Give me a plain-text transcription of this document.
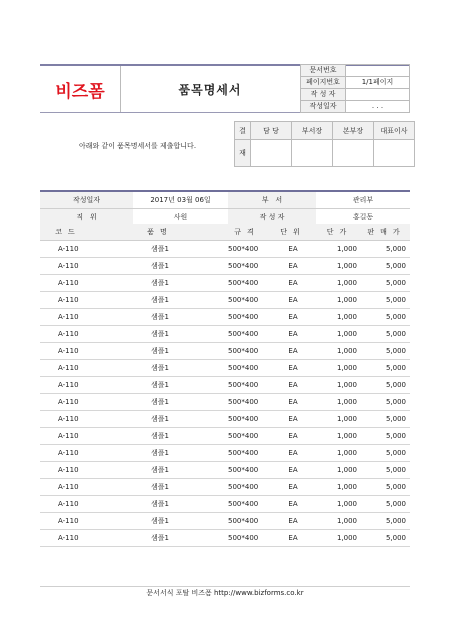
비즈폼	품목명세서
문서번호	
페이지번호	1/1페이지
작 성 자	
작성일자	. . .
아래와 같이 품목명세서를 제출합니다.
결	담 당	부서장	본부장	대표이사
재				
작성일자	2017년 03월 06일	부   서	관리부
직   위	사원	작 성 자	홍길동
코드	품명	규격	단위	단가	판매가
A-110	샘플1	500*400	EA	1,000	5,000
A-110	샘플1	500*400	EA	1,000	5,000
A-110	샘플1	500*400	EA	1,000	5,000
A-110	샘플1	500*400	EA	1,000	5,000
A-110	샘플1	500*400	EA	1,000	5,000
A-110	샘플1	500*400	EA	1,000	5,000
A-110	샘플1	500*400	EA	1,000	5,000
A-110	샘플1	500*400	EA	1,000	5,000
A-110	샘플1	500*400	EA	1,000	5,000
A-110	샘플1	500*400	EA	1,000	5,000
A-110	샘플1	500*400	EA	1,000	5,000
A-110	샘플1	500*400	EA	1,000	5,000
A-110	샘플1	500*400	EA	1,000	5,000
A-110	샘플1	500*400	EA	1,000	5,000
A-110	샘플1	500*400	EA	1,000	5,000
A-110	샘플1	500*400	EA	1,000	5,000
A-110	샘플1	500*400	EA	1,000	5,000
A-110	샘플1	500*400	EA	1,000	5,000
문서서식 포탈 비즈폼 http://www.bizforms.co.kr
